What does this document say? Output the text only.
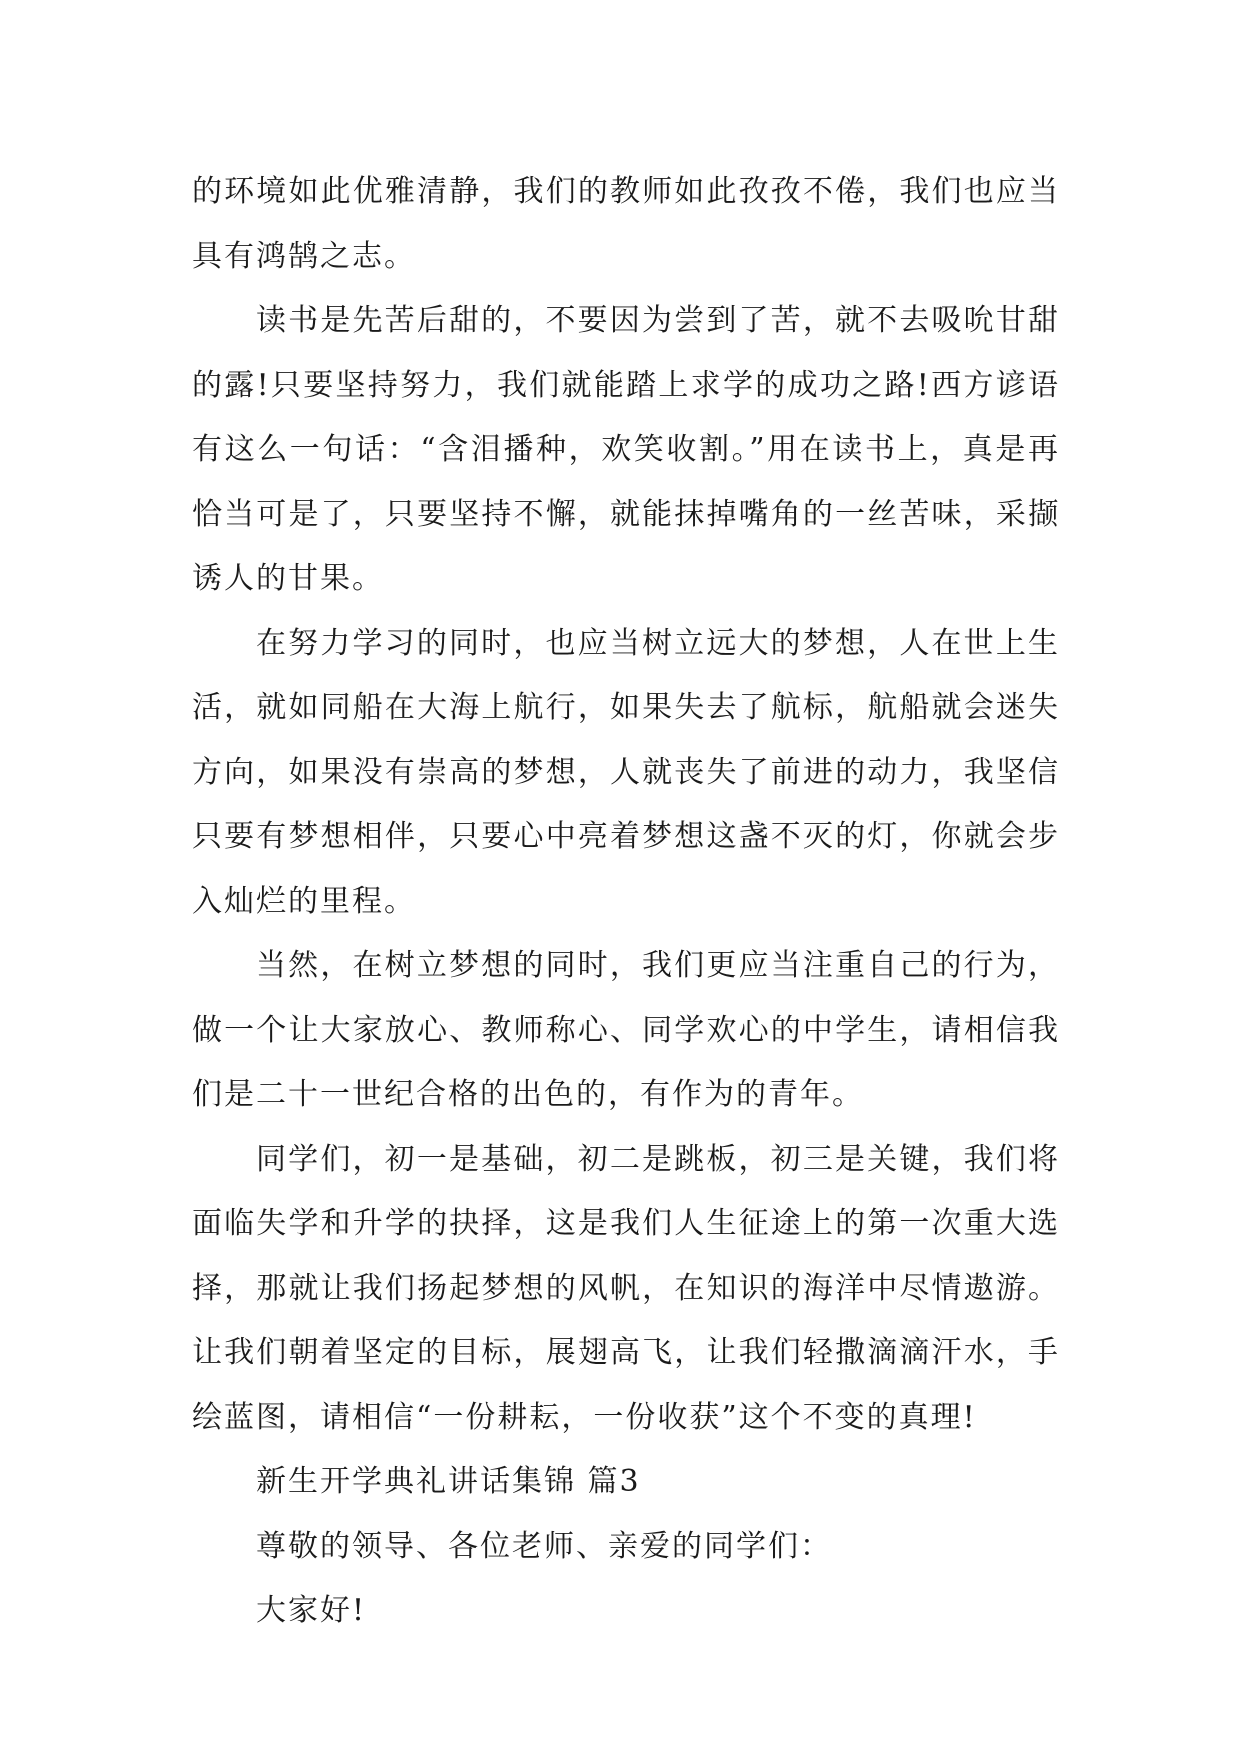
的环境如此优雅清静，我们的教师如此孜孜不倦，我们也应当具有鸿鹄之志。

读书是先苦后甜的，不要因为尝到了苦，就不去吸吮甘甜的露!只要坚持努力，我们就能踏上求学的成功之路!西方谚语有这么一句话：“含泪播种，欢笑收割。”用在读书上，真是再恰当可是了，只要坚持不懈，就能抹掉嘴角的一丝苦味，采撷诱人的甘果。

在努力学习的同时，也应当树立远大的梦想，人在世上生活，就如同船在大海上航行，如果失去了航标，航船就会迷失方向，如果没有崇高的梦想，人就丧失了前进的动力，我坚信只要有梦想相伴，只要心中亮着梦想这盏不灭的灯，你就会步入灿烂的里程。

当然，在树立梦想的同时，我们更应当注重自己的行为，做一个让大家放心、教师称心、同学欢心的中学生，请相信我们是二十一世纪合格的出色的，有作为的青年。

同学们，初一是基础，初二是跳板，初三是关键，我们将面临失学和升学的抉择，这是我们人生征途上的第一次重大选择，那就让我们扬起梦想的风帆，在知识的海洋中尽情遨游。让我们朝着坚定的目标，展翅高飞，让我们轻撒滴滴汗水，手绘蓝图，请相信“一份耕耘，一份收获”这个不变的真理!

新生开学典礼讲话集锦 篇3

尊敬的领导、各位老师、亲爱的同学们：

大家好!
